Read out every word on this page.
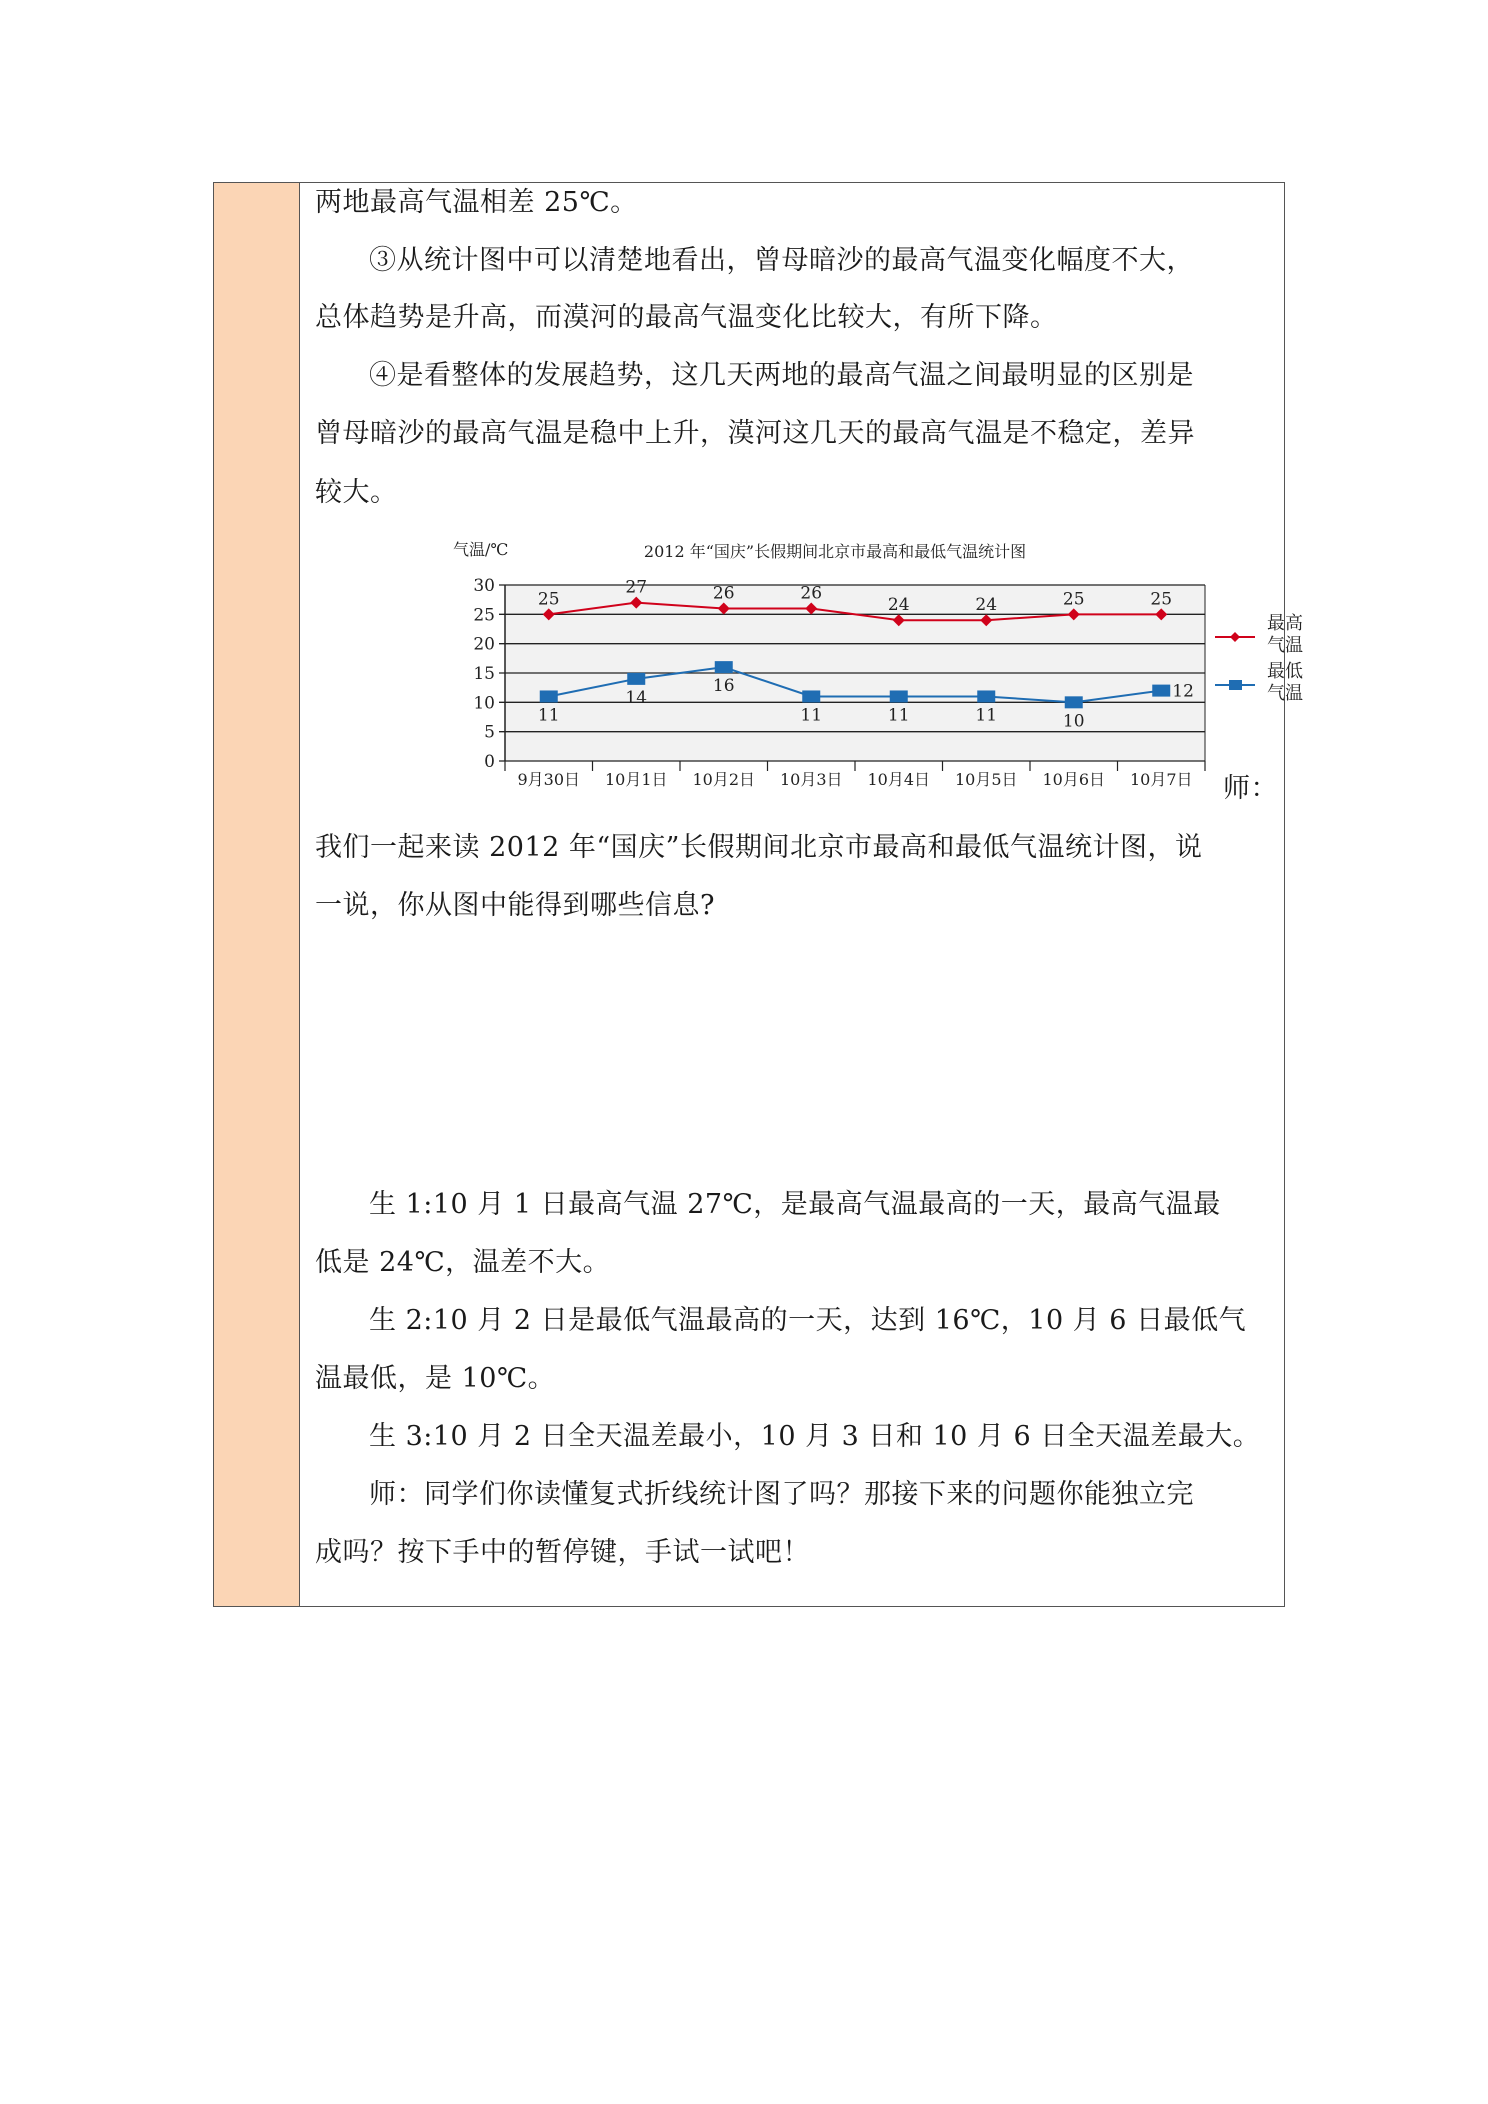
两地最高气温相差 25℃。
③从统计图中可以清楚地看出，曾母暗沙的最高气温变化幅度不大，
总体趋势是升高，而漠河的最高气温变化比较大，有所下降。
④是看整体的发展趋势，这几天两地的最高气温之间最明显的区别是
曾母暗沙的最高气温是稳中上升，漠河这几天的最高气温是不稳定，差异
较大。
0
5
10
15
20
25
30
9月30日 10月1日 10月2日 10月3日 10月4日 10月5日 10月6日 10月7日
2012 年“国庆”长假期间北京市最高和最低气温统计图
气温/℃
25
27	26	26
24	24	25	25
11
14
16
11	11	11	10
12
最高
气温
最低
气温
师：
我们一起来读 2012 年“国庆”长假期间北京市最高和最低气温统计图，说
一说，你从图中能得到哪些信息?
生 1:10 月 1 日最高气温 27℃，是最高气温最高的一天，最高气温最
低是 24℃，温差不大。
生 2:10 月 2 日是最低气温最高的一天，达到 16℃，10 月 6 日最低气
温最低，是 10℃。
生 3:10 月 2 日全天温差最小，10 月 3 日和 10 月 6 日全天温差最大。
师：同学们你读懂复式折线统计图了吗？那接下来的问题你能独立完
成吗？按下手中的暂停键，手试一试吧！
